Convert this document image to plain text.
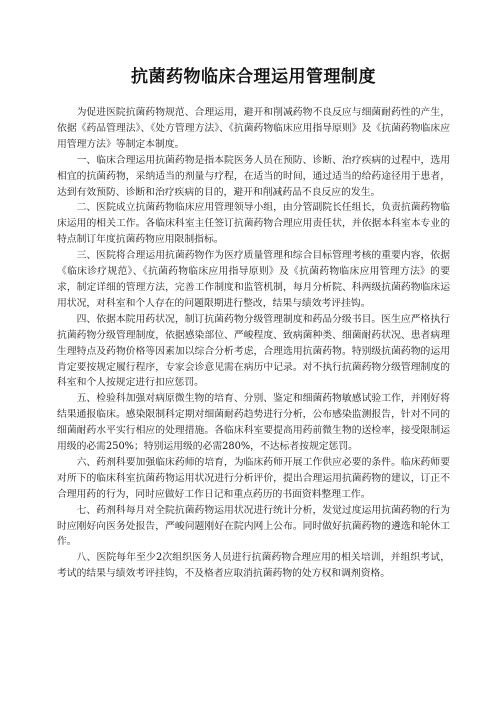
抗菌药物临床合理运用管理制度

为促进医院抗菌药物规范、合理运用，避开和削减药物不良反应与细菌耐药性的产生，依据《药品管理法》、《处方管理方法》、《抗菌药物临床应用指导原则》及《抗菌药物临床应用管理方法》等制定本制度。

一、临床合理运用抗菌药物是指本院医务人员在预防、诊断、治疗疾病的过程中，选用相宜的抗菌药物，采纳适当的剂量与疗程，在适当的时间，通过适当的给药途径用于患者，达到有效预防、诊断和治疗疾病的目的，避开和削减药品不良反应的发生。

二、医院成立抗菌药物临床应用管理领导小组，由分管副院长任组长，负责抗菌药物临床运用的相关工作。各临床科室主任签订抗菌药物合理应用责任状，并依据本科室本专业的特点制订年度抗菌药物应用限制指标。

三、医院将合理运用抗菌药物作为医疗质量管理和综合目标管理考核的重要内容，依据《临床诊疗规范》、《抗菌药物临床应用指导原则》及《抗菌药物临床应用管理方法》的要求，制定详细的管理方法，完善工作制度和监管机制，每月分析院、科两级抗菌药物临床运用状况，对科室和个人存在的问题限期进行整改，结果与绩效考评挂钩。

四、依据本院用药状况，制订抗菌药物分级管理制度和药品分级书目。医生应严格执行抗菌药物分级管理制度，依据感染部位、严峻程度、致病菌种类、细菌耐药状况、患者病理生理特点及药物价格等因素加以综合分析考虑，合理选用抗菌药物。特别级抗菌药物的运用肯定要按规定履行程序，专家会诊意见需在病历中记录。对不执行抗菌药物分级管理制度的科室和个人按规定进行扣应惩罚。

五、检验科加强对病原微生物的培育、分别、鉴定和细菌药物敏感试验工作，并刚好将结果通报临床。感染限制科定期对细菌耐药趋势进行分析，公布感染监测报告，针对不同的细菌耐药水平实行相应的处理措施。各临床科室要提高用药前微生物的送检率，接受限制运用级的必需250%；特别运用级的必需280%，不达标者按规定惩罚。

六、药剂科要加强临床药师的培育，为临床药师开展工作供应必要的条件。临床药师要对所下的临床科室抗菌药物运用状况进行分析评价，提出合理运用抗菌药物的建议，订正不合理用药的行为，同时应做好工作日记和重点药历的书面资料整理工作。

七、药剂科每月对全院抗菌药物运用状况进行统计分析，发觉过度运用抗菌药物的行为时应刚好向医务处报告，严峻问题刚好在院内网上公布。同时做好抗菌药物的遴选和轮休工作。

八、医院每年至少2次组织医务人员进行抗菌药物合理应用的相关培训，并组织考试，考试的结果与绩效考评挂钩，不及格者应取消抗菌药物的处方权和调剂资格。
